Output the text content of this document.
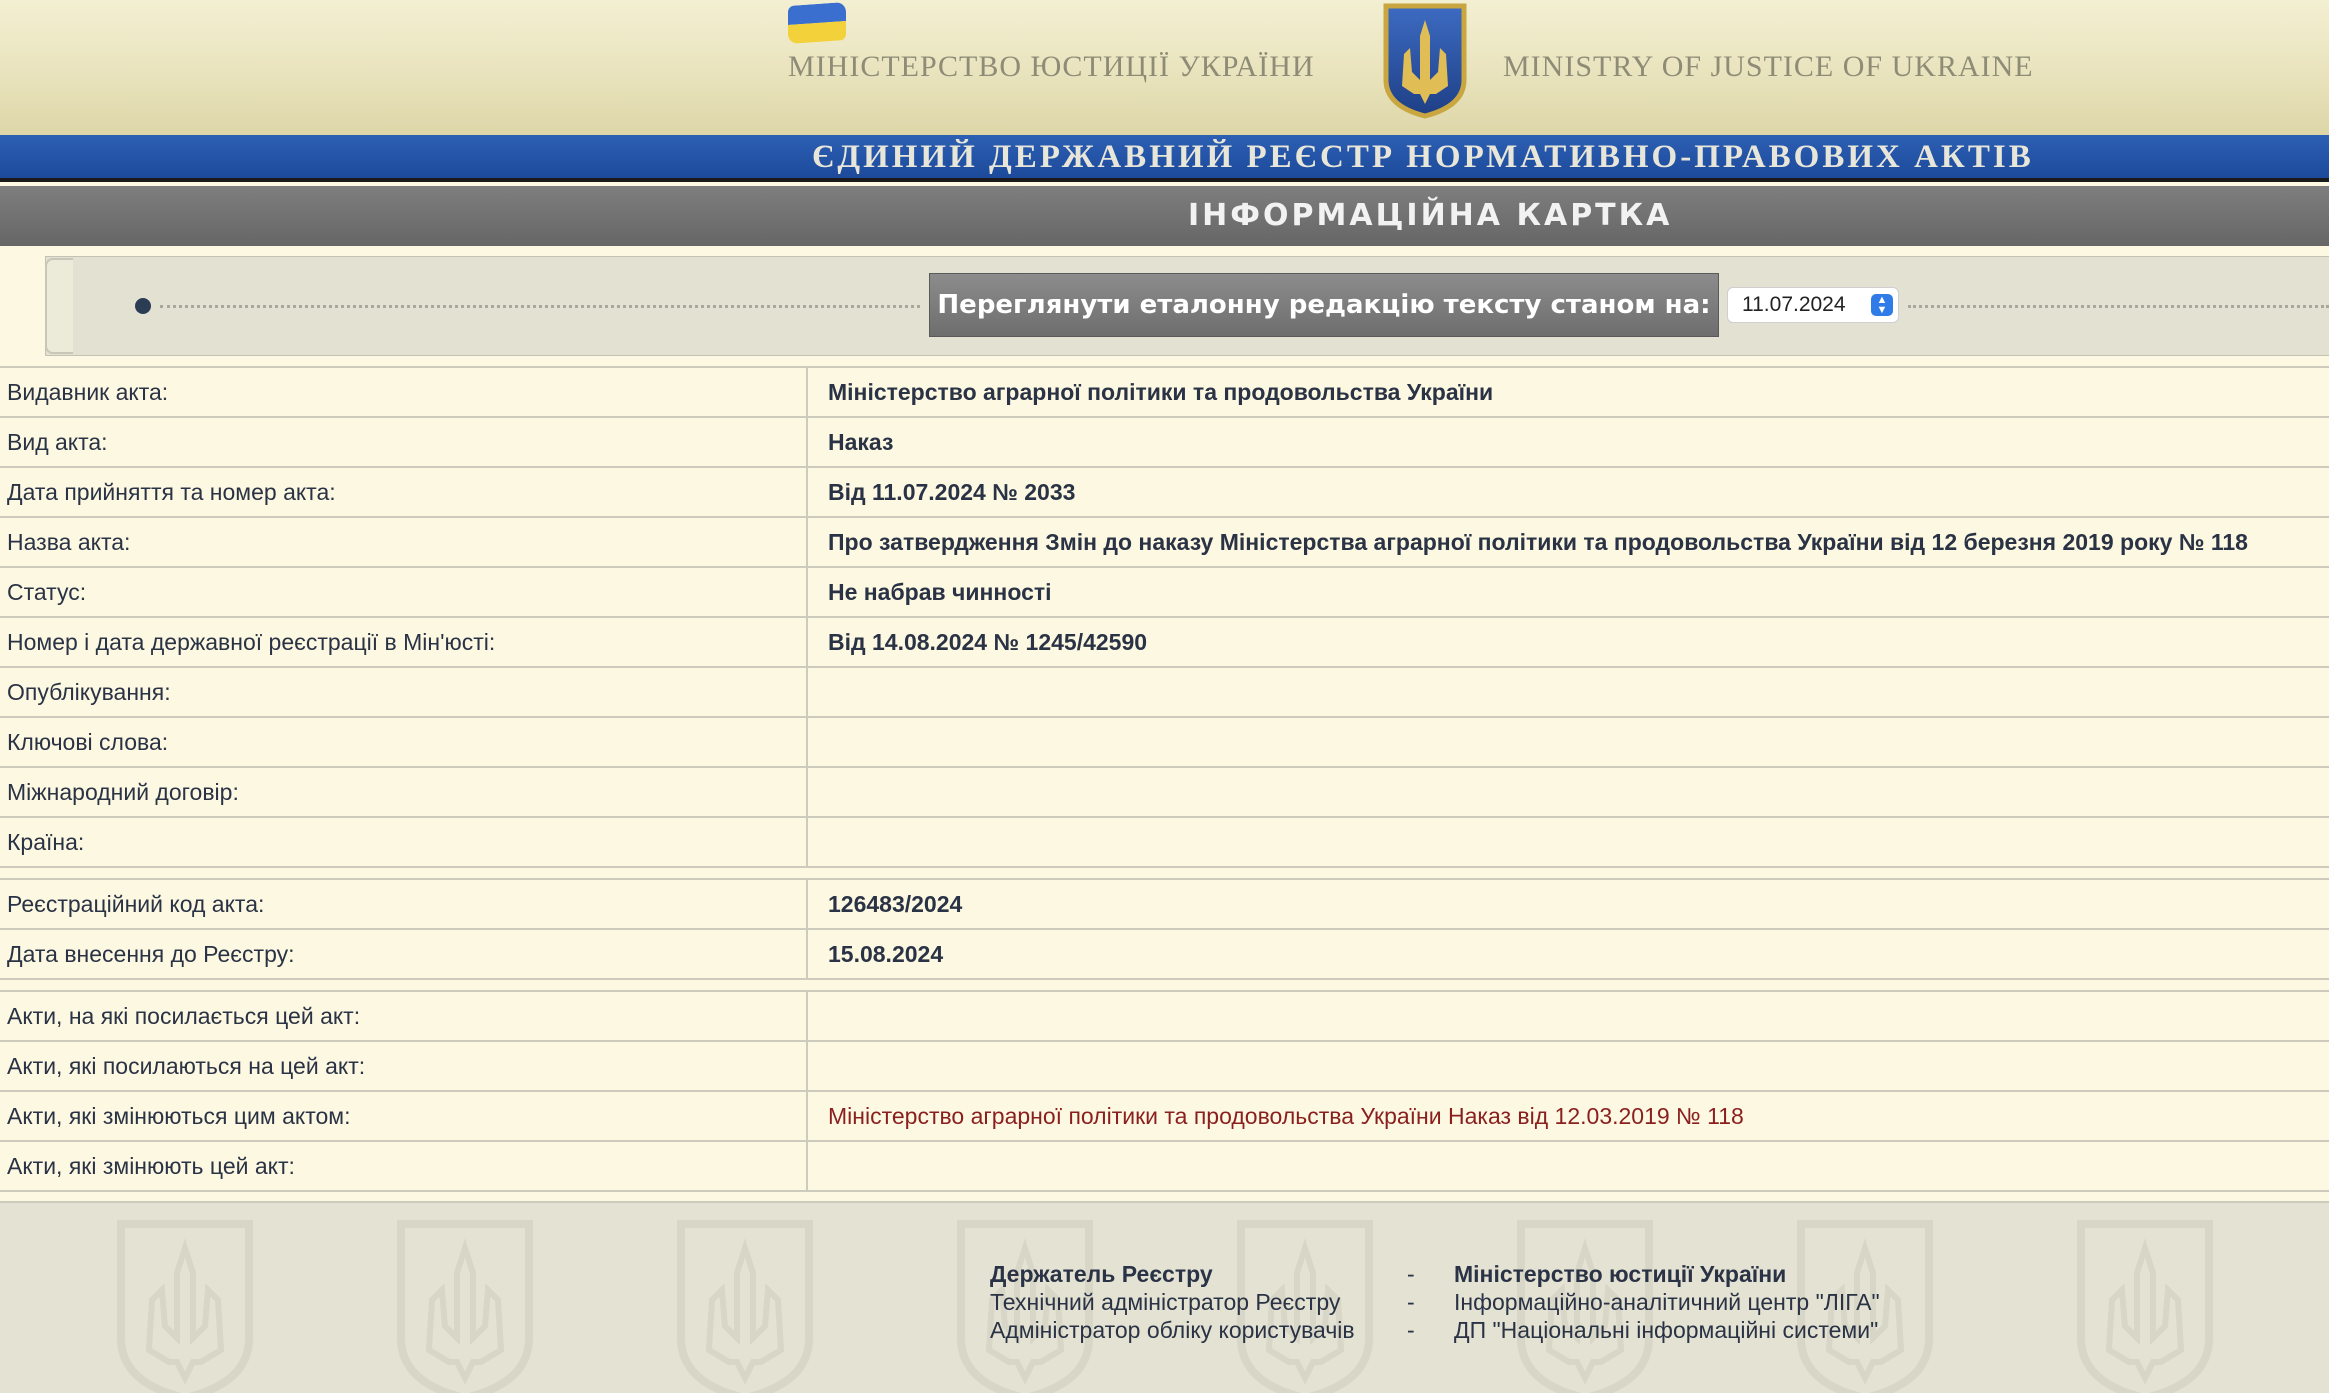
МІНІСТЕРСТВО ЮСТИЦІЇ УКРАЇНИ	MINISTRY OF JUSTICE OF UKRAINE
ЄДИНИЙ ДЕРЖАВНИЙ РЕЄСТР НОРМАТИВНО-ПРАВОВИХ АКТІВ
ІНФОРМАЦІЙНА КАРТКА
Переглянути еталонну редакцію тексту станом на:	11.07.2024	▲
▼
Видавник акта:	Міністерство аграрної політики та продовольства України
Вид акта:	Наказ
Дата прийняття та номер акта:	Від 11.07.2024 № 2033
Назва акта:	Про затвердження Змін до наказу Міністерства аграрної політики та продовольства України від 12 березня 2019 року № 118
Статус:	Не набрав чинності
Номер і дата державної реєстрації в Мін'юсті:	Від 14.08.2024 № 1245/42590
Опублікування:	
Ключові слова:	
Міжнародний договір:	
Країна:	
Реєстраційний код акта:	126483/2024
Дата внесення до Реєстру:	15.08.2024
Акти, на які посилається цей акт:	
Акти, які посилаються на цей акт:	
Акти, які змінюються цим актом:	Міністерство аграрної політики та продовольства України Наказ від 12.03.2019 № 118
Акти, які змінюють цей акт:	
Держатель Реєстру	- Міністерство юстиції України
Технічний адміністратор Реєстру	- Інформаційно-аналітичний центр "ЛІГА"
Адміністратор обліку користувачів - ДП "Національні інформаційні системи"
